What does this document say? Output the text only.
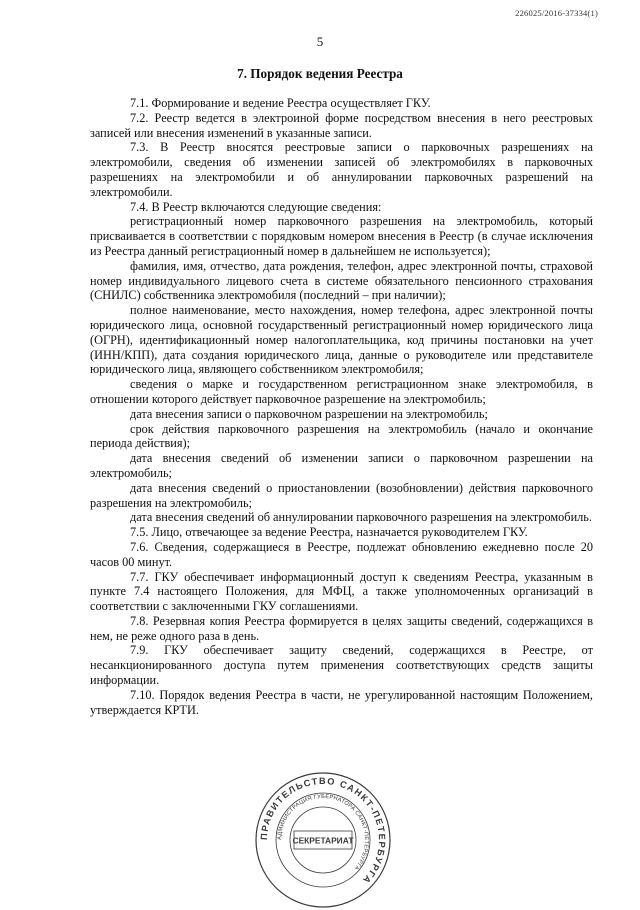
226025/2016-37334(1)
5
7. Порядок ведения Реестра

7.1. Формирование и ведение Реестра осуществляет ГКУ.

7.2. Реестр ведется в электроиной форме посредством внесения в него реестровых записей или внесения изменений в указанные записи.

7.3. В Реестр вносятся реестровые записи о парковочных разрешениях на электромобили, сведения об изменении записей об электромобилях в парковочных разрешениях на электромобили и об аннулировании парковочных разрешений на электромобили.

7.4. В Реестр включаются следующие сведения:

регистрационный номер парковочного разрешения на электромобиль, который присваивается в соответствии с порядковым номером внесения в Реестр (в случае исключения из Реестра данный регистрационный номер в дальнейшем не используется);

фамилия, имя, отчество, дата рождения, телефон, адрес электронной почты, страховой номер индивидуального лицевого счета в системе обязательного пенсионного страхования (СНИЛС) собственника электромобиля (последний – при наличии);

полное наименование, место нахождения, номер телефона, адрес электронной почты юридического лица, основной государственный регистрационный номер юридического лица (ОГРН), идентификационный номер налогоплательщика, код причины постановки на учет (ИНН/КПП), дата создания юридического лица, данные о руководителе или представителе юридического лица, являющего собственником электромобиля;

сведения о марке и государственном регистрационном знаке электромобиля, в отношении которого действует парковочное разрешение на электромобиль;

дата внесения записи о парковочном разрешении на электромобиль;

срок действия парковочного разрешения на электромобиль (начало и окончание периода действия);

дата внесения сведений об изменении записи о парковочном разрешении на электромобиль;

дата внесения сведений о приостановлении (возобновлении) действия парковочного разрешения на электромобиль;

дата внесения сведений об аннулировании парковочного разрешения на электромобиль.

7.5. Лицо, отвечающее за ведение Реестра, назначается руководителем ГКУ.

7.6. Сведения, содержащиеся в Реестре, подлежат обновлению ежедневно после 20 часов 00 минут.

7.7. ГКУ обеспечивает информационный доступ к сведениям Реестра, указанным в пункте 7.4 настоящего Положения, для МФЦ, а также уполномоченных организаций в соответствии с заключенными ГКУ соглашениями.

7.8. Резервная копия Реестра формируется в целях защиты сведений, содержащихся в нем, не реже одного раза в день.

7.9. ГКУ обеспечивает защиту сведений, содержащихся в Реестре, от несанкционированного доступа путем применения соответствующих средств защиты информации.

7.10. Порядок ведения Реестра в части, не урегулированной настоящим Положением, утверждается КРТИ.

ПРАВИТЕЛЬСТВО САНКТ-ПЕТЕРБУРГА
АДМИНИСТРАЦИЯ ГУБЕРНАТОРА САНКТ-ПЕТЕРБУРГА
СЕКРЕТАРИАТ
